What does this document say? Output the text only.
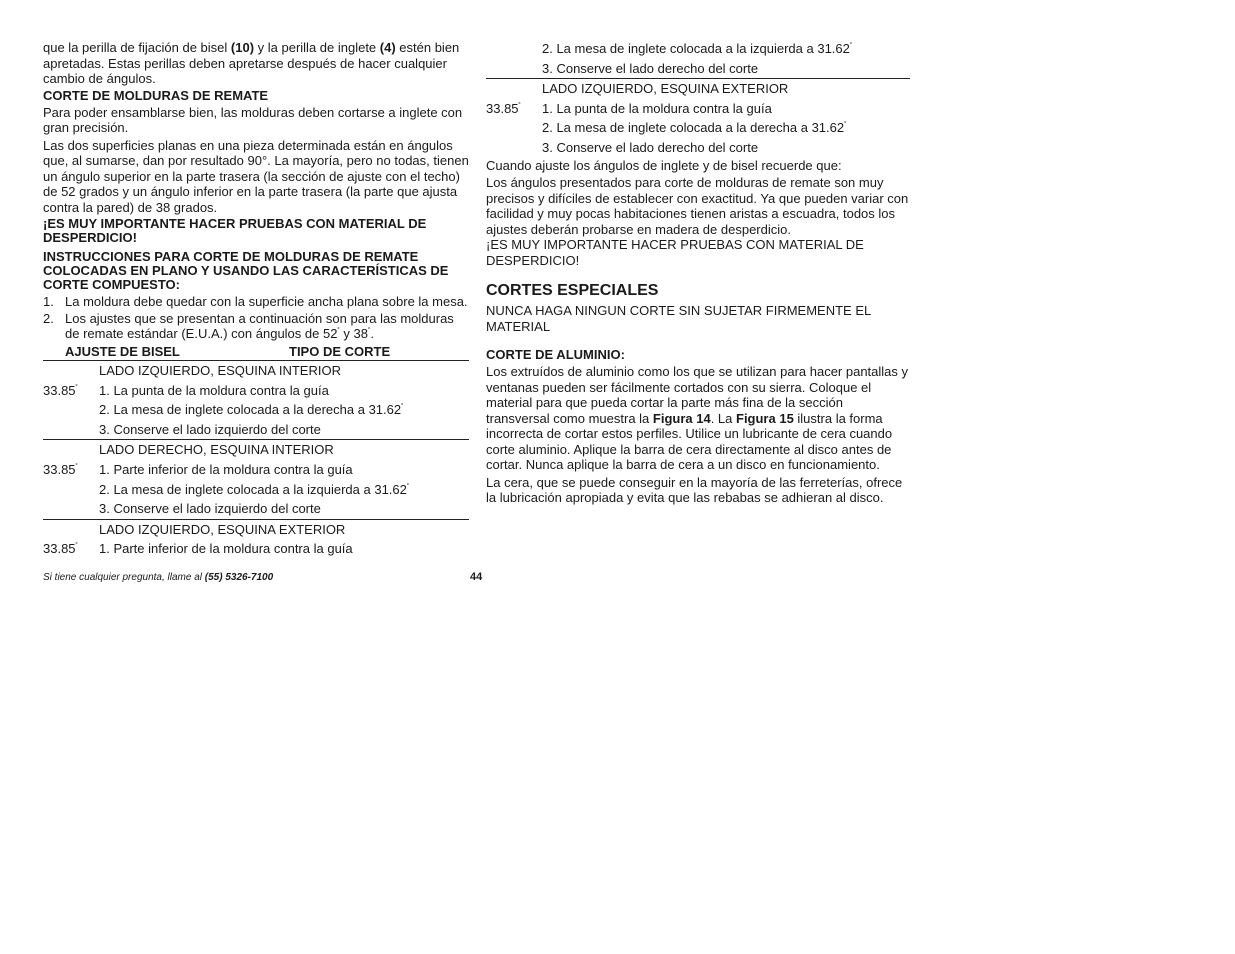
que la perilla de fijación de bisel (10) y la perilla de inglete (4) estén bien apretadas. Estas perillas deben apretarse después de hacer cualquier cambio de ángulos.

CORTE DE MOLDURAS DE REMATE

Para poder ensamblarse bien, las molduras deben cortarse a inglete con gran precisión.

Las dos superficies planas en una pieza determinada están en ángulos que, al sumarse, dan por resultado 90°. La mayoría, pero no todas, tienen un ángulo superior en la parte trasera (la sección de ajuste con el techo) de 52 grados y un ángulo inferior en la parte trasera (la parte que ajusta contra la pared) de 38 grados.

¡ES MUY IMPORTANTE HACER PRUEBAS CON MATERIAL DE DESPERDICIO!
INSTRUCCIONES PARA CORTE DE MOLDURAS DE REMATE COLOCADAS EN PLANO Y USANDO LAS CARACTERÍSTICAS DE CORTE COMPUESTO:
1. La moldura debe quedar con la superficie ancha plana sobre la mesa.
2. Los ajustes que se presentan a continuación son para las molduras de remate estándar (E.U.A.) con ángulos de 52˚ y 38˚.
AJUSTE DE BISEL	TIPO DE CORTE
LADO IZQUIERDO, ESQUINA INTERIOR
33.85˚ 1. La punta de la moldura contra la guía
2. La mesa de inglete colocada a la derecha a 31.62˚
3. Conserve el lado izquierdo del corte
LADO DERECHO, ESQUINA INTERIOR
33.85˚ 1. Parte inferior de la moldura contra la guía
2. La mesa de inglete colocada a la izquierda a 31.62˚
3. Conserve el lado izquierdo del corte
LADO IZQUIERDO, ESQUINA EXTERIOR
33.85˚ 1. Parte inferior de la moldura contra la guía
2. La mesa de inglete colocada a la izquierda a 31.62˚
3. Conserve el lado derecho del corte
LADO IZQUIERDO, ESQUINA EXTERIOR
33.85˚ 1. La punta de la moldura contra la guía
2. La mesa de inglete colocada a la derecha a 31.62˚
3. Conserve el lado derecho del corte

Cuando ajuste los ángulos de inglete y de bisel recuerde que:

Los ángulos presentados para corte de molduras de remate son muy precisos y difíciles de establecer con exactitud. Ya que pueden variar con facilidad y muy pocas habitaciones tienen aristas a escuadra, todos los ajustes deberán probarse en madera de desperdicio.

¡ES MUY IMPORTANTE HACER PRUEBAS CON MATERIAL DE DESPERDICIO!

CORTES ESPECIALES

NUNCA HAGA NINGUN CORTE SIN SUJETAR FIRMEMENTE EL MATERIAL

CORTE DE ALUMINIO:

Los extruídos de aluminio como los que se utilizan para hacer pantallas y ventanas pueden ser fácilmente cortados con su sierra. Coloque el material para que pueda cortar la parte más fina de la sección transversal como muestra la Figura 14. La Figura 15 ilustra la forma incorrecta de cortar estos perfiles. Utilice un lubricante de cera cuando corte aluminio. Aplique la barra de cera directamente al disco antes de cortar. Nunca aplique la barra de cera a un disco en funcionamiento.

La cera, que se puede conseguir en la mayoría de las ferreterías, ofrece la lubricación apropiada y evita que las rebabas se adhieran al disco.

Si tiene cualquier pregunta, llame al (55) 5326-7100	44
